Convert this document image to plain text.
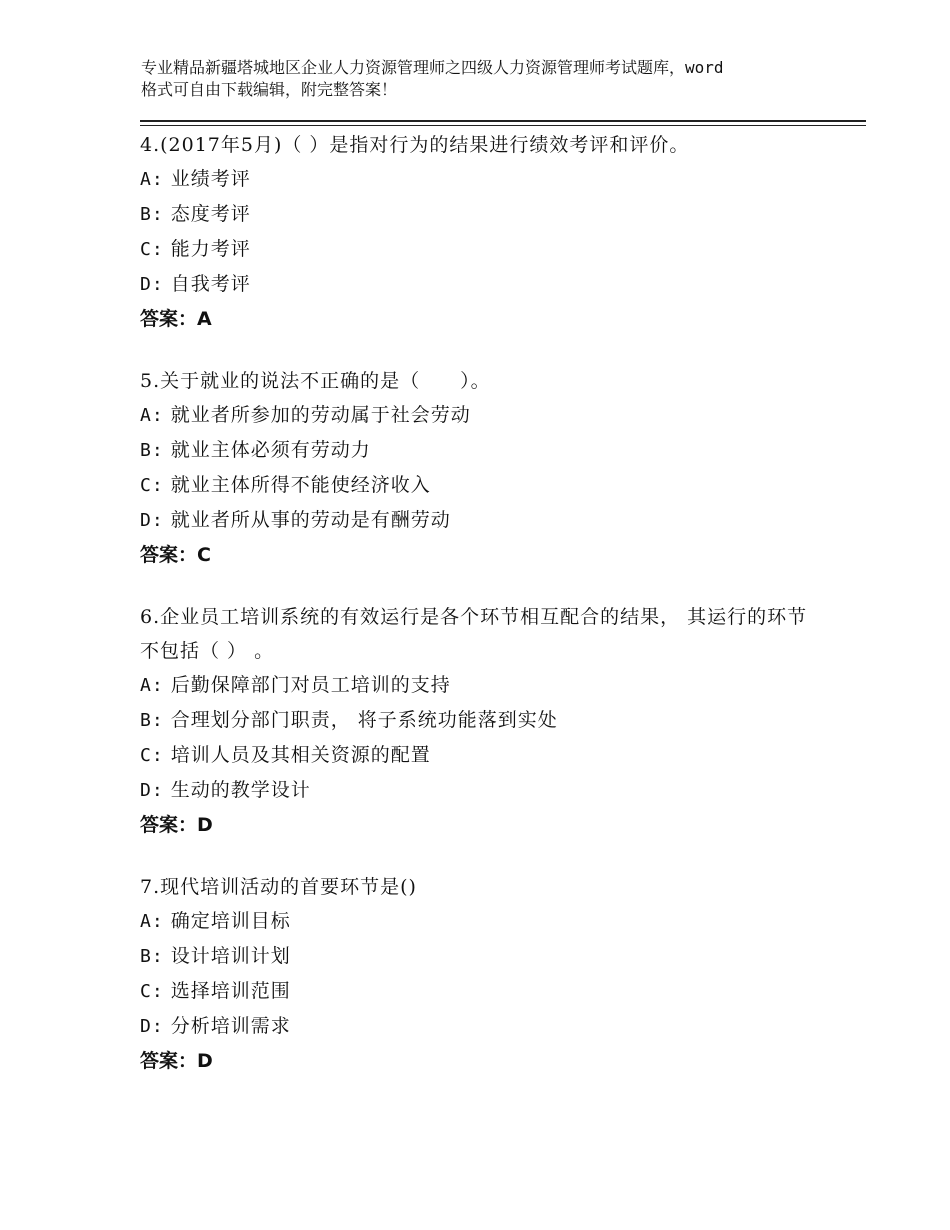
专业精品新疆塔城地区企业人力资源管理师之四级人力资源管理师考试题库，word
格式可自由下载编辑，附完整答案！
4.(2017年5月)（ ）是指对行为的结果进行绩效考评和评价。
A: 业绩考评
B: 态度考评
C: 能力考评
D: 自我考评
答案：A
5.关于就业的说法不正确的是（　　）。
A: 就业者所参加的劳动属于社会劳动
B: 就业主体必须有劳动力
C: 就业主体所得不能使经济收入
D: 就业者所从事的劳动是有酬劳动
答案：C
6.企业员工培训系统的有效运行是各个环节相互配合的结果， 其运行的环节不包括（ ） 。
A: 后勤保障部门对员工培训的支持
B: 合理划分部门职责， 将子系统功能落到实处
C: 培训人员及其相关资源的配置
D: 生动的教学设计
答案：D
7.现代培训活动的首要环节是()
A: 确定培训目标
B: 设计培训计划
C: 选择培训范围
D: 分析培训需求
答案：D
